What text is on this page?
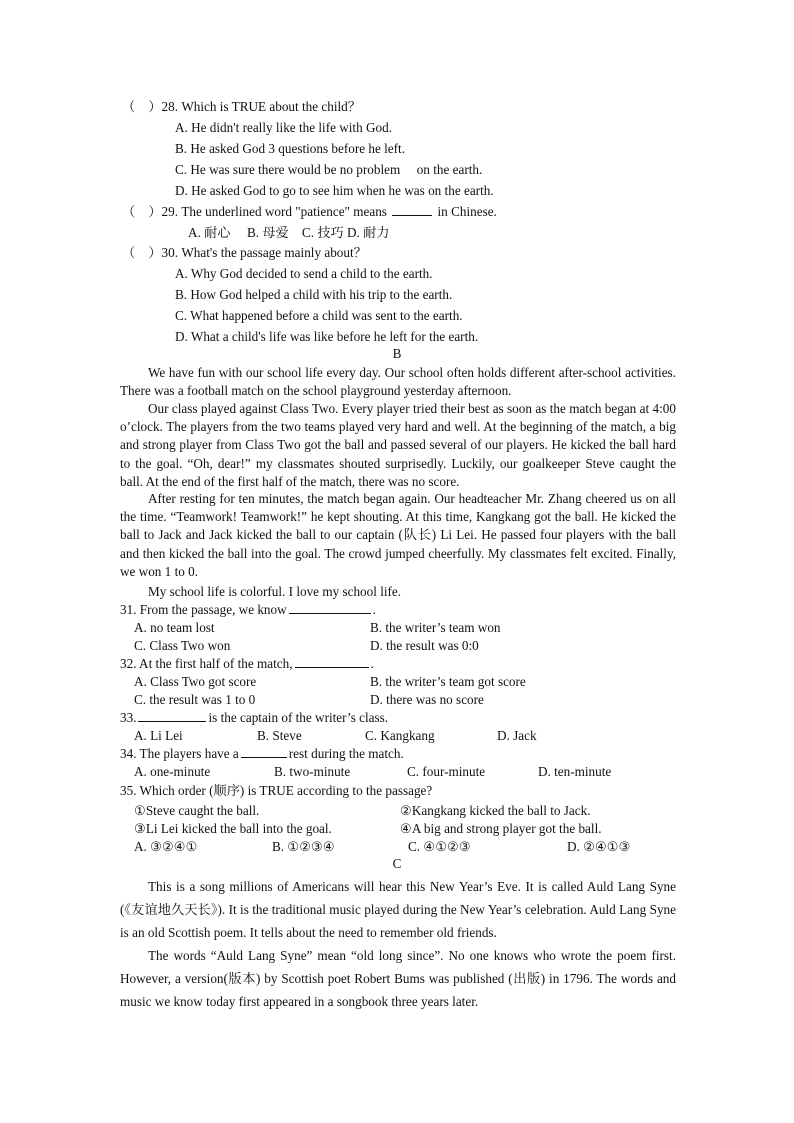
（　）28. Which is TRUE about the child？
A. He didn't really like the life with God.
B. He asked God 3 questions before he left.
C. He was sure there would be no problem　 on the earth.
D. He asked God to go to see him when he was on the earth.
（　）29. The underlined word "patience" means	in Chinese.
A. 耐心　 B. 母爱　C. 技巧 D. 耐力
（　）30. What's the passage mainly about？
A. Why God decided to send a child to the earth.
B. How God helped a child with his trip to the earth.
C. What happened before a child was sent to the earth.
D. What a child's life was like before he left for the earth.
B
We have fun with our school life every day. Our school often holds different after-school activities. There was a football match on the school playground yesterday afternoon.
Our class played against Class Two. Every player tried their best as soon as the match began at 4:00 o’clock. The players from the two teams played very hard and well. At the beginning of the match, a big and strong player from Class Two got the ball and passed several of our players. He kicked the ball hard to the goal. “Oh, dear!” my classmates shouted surprisedly. Luckily, our goalkeeper Steve caught the ball. At the end of the first half of the match, there was no score.
After resting for ten minutes, the match began again. Our headteacher Mr. Zhang cheered us on all the time. “Teamwork! Teamwork!” he kept shouting. At this time, Kangkang got the ball. He kicked the ball to Jack and Jack kicked the ball to our captain (队长) Li Lei. He passed four players with the ball and then kicked the ball into the goal. The crowd jumped cheerfully. My classmates felt excited. Finally, we won 1 to 0.
My school life is colorful. I love my school life.
31. From the passage, we know	.
A. no team lost	B. the writer’s team won
C. Class Two won	D. the result was 0:0
32. At the first half of the match,	.
A. Class Two got score	B. the writer’s team got score
C. the result was 1 to 0	D. there was no score
33.	is the captain of the writer’s class.
A. Li Lei	B. Steve	C. Kangkang	D. Jack
34. The players have a	rest during the match.
A. one-minute	B. two-minute	C. four-minute	D. ten-minute
35. Which order (顺序) is TRUE according to the passage?
①Steve caught the ball.	②Kangkang kicked the ball to Jack.
③Li Lei kicked the ball into the goal.	④A big and strong player got the ball.
A. ③②④①	B. ①②③④	C. ④①②③	D. ②④①③
C
This is a song millions of Americans will hear this New Year’s Eve. It is called Auld Lang Syne (《友谊地久天长》). It is the traditional music played during the New Year’s celebration. Auld Lang Syne is an old Scottish poem. It tells about the need to remember old friends.
The words “Auld Lang Syne” mean “old long since”. No one knows who wrote the poem first. However, a version(版本) by Scottish poet Robert Bums was published (出版) in 1796. The words and music we know today first appeared in a songbook three years later.
